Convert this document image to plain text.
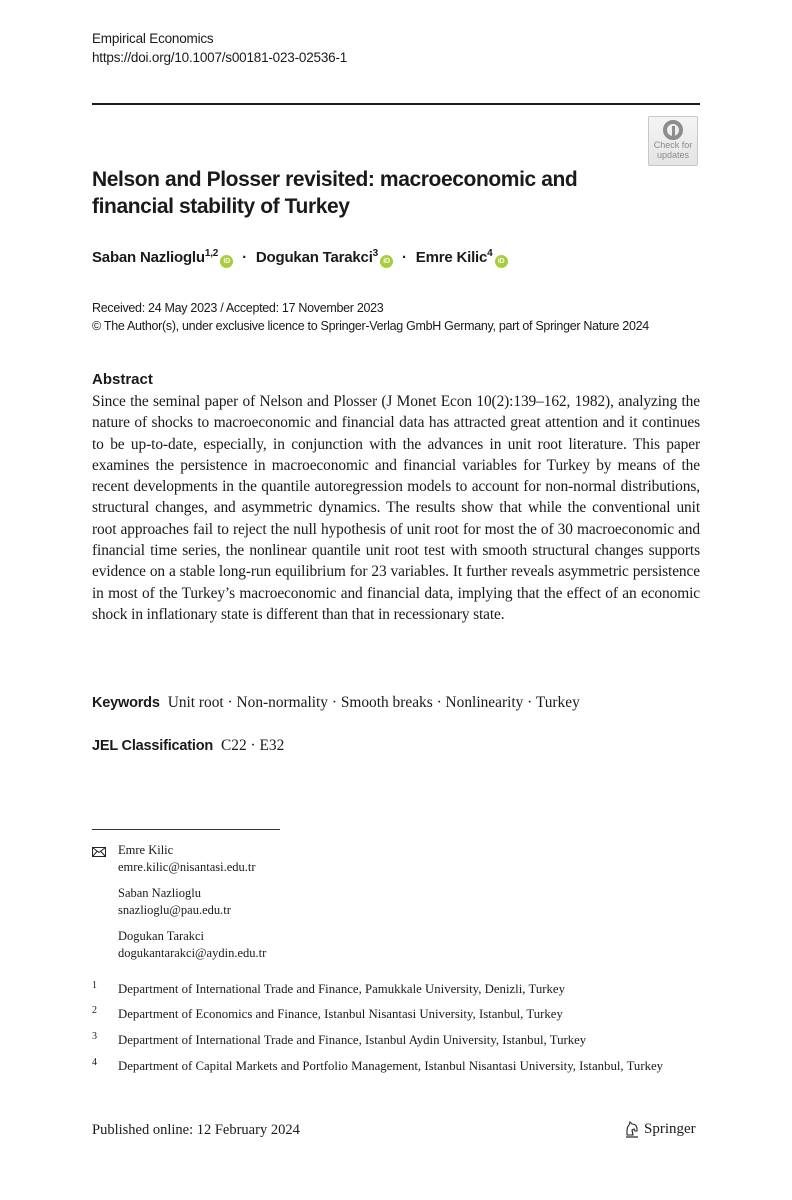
Empirical Economics
https://doi.org/10.1007/s00181-023-02536-1
Check for
updates
Nelson and Plosser revisited: macroeconomic and financial stability of Turkey
Saban Nazlioglu$^{1,2}$iD · Dogukan Tarakci$^3$iD · Emre Kilic$^4$iD
Received: 24 May 2023 / Accepted: 17 November 2023
© The Author(s), under exclusive licence to Springer-Verlag GmbH Germany, part of Springer Nature 2024
Abstract
Since the seminal paper of Nelson and Plosser (J Monet Econ 10(2):139–162, 1982), analyzing the nature of shocks to macroeconomic and financial data has attracted great attention and it continues to be up-to-date, especially, in conjunction with the advances in unit root literature. This paper examines the persistence in macroeconomic and financial variables for Turkey by means of the recent developments in the quantile autoregression models to account for non-normal distributions, structural changes, and asymmetric dynamics. The results show that while the conventional unit root approaches fail to reject the null hypothesis of unit root for most the of 30 macroeconomic and financial time series, the nonlinear quantile unit root test with smooth structural changes supports evidence on a stable long-run equilibrium for 23 variables. It further reveals asymmetric persistence in most of the Turkey’s macroeconomic and financial data, implying that the effect of an economic shock in inflationary state is different than that in recessionary state.
Keywords Unit root · Non-normality · Smooth breaks · Nonlinearity · Turkey
JEL Classification C22 · E32
Emre Kilic
emre.kilic@nisantasi.edu.tr
Saban Nazlioglu
snazlioglu@pau.edu.tr
Dogukan Tarakci
dogukantarakci@aydin.edu.tr
1 Department of International Trade and Finance, Pamukkale University, Denizli, Turkey
2 Department of Economics and Finance, Istanbul Nisantasi University, Istanbul, Turkey
3 Department of International Trade and Finance, Istanbul Aydin University, Istanbul, Turkey
4 Department of Capital Markets and Portfolio Management, Istanbul Nisantasi University, Istanbul, Turkey
Published online: 12 February 2024	Springer
